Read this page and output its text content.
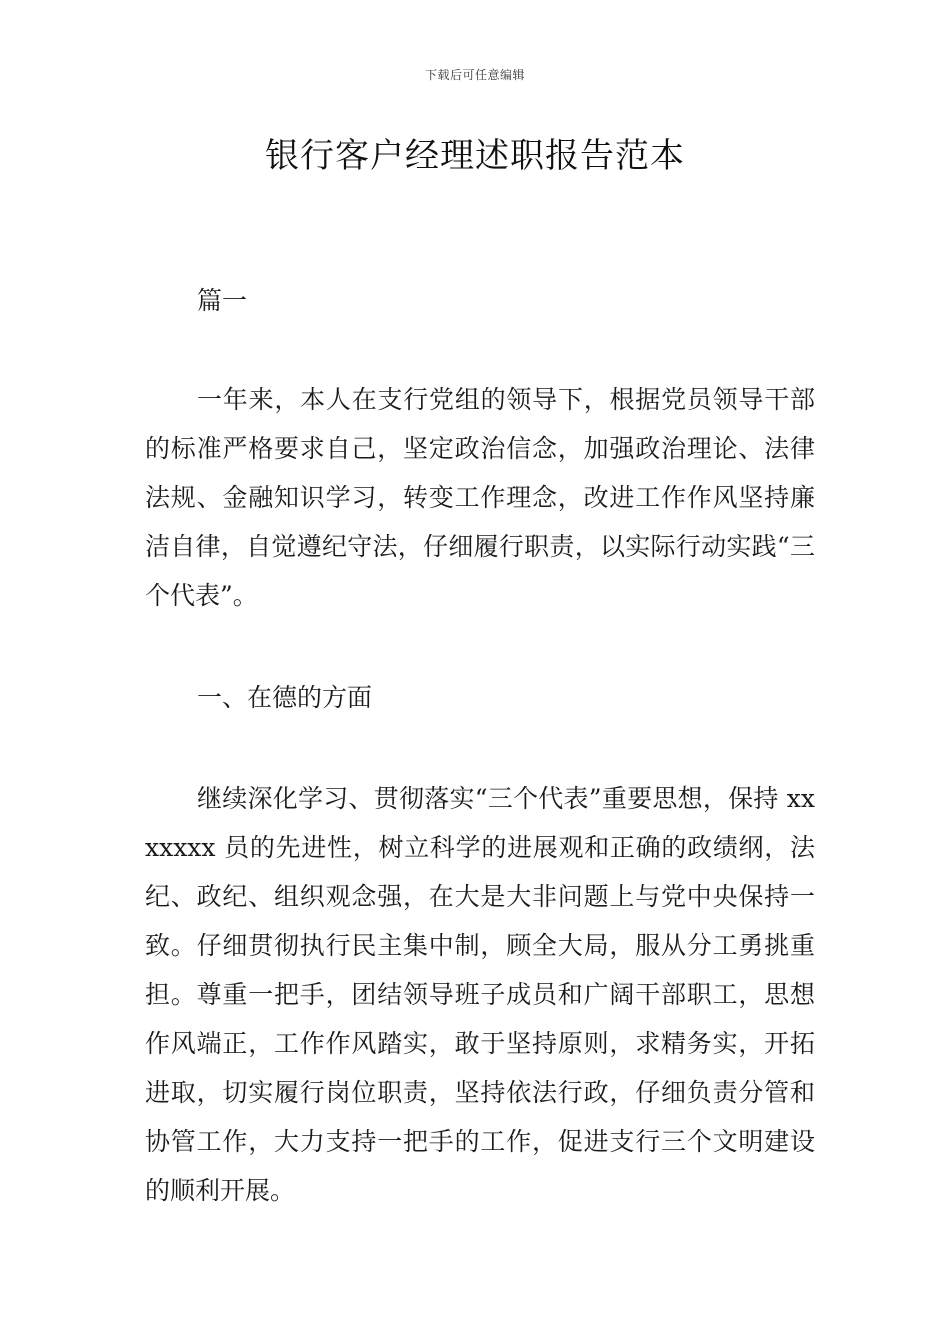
下载后可任意编辑
银行客户经理述职报告范本

篇一

一年来，本人在支行党组的领导下，根据党员领导干部的标准严格要求自己，坚定政治信念，加强政治理论、法律法规、金融知识学习，转变工作理念，改进工作作风坚持廉洁自律，自觉遵纪守法，仔细履行职责，以实际行动实践“三个代表”。

一、在德的方面

继续深化学习、贯彻落实“三个代表”重要思想，保持 xxxxxxx 员的先进性，树立科学的进展观和正确的政绩纲，法纪、政纪、组织观念强，在大是大非问题上与党中央保持一致。仔细贯彻执行民主集中制，顾全大局，服从分工勇挑重担。尊重一把手，团结领导班子成员和广阔干部职工，思想作风端正，工作作风踏实，敢于坚持原则，求精务实，开拓进取，切实履行岗位职责，坚持依法行政，仔细负责分管和协管工作，大力支持一把手的工作，促进支行三个文明建设的顺利开展。
